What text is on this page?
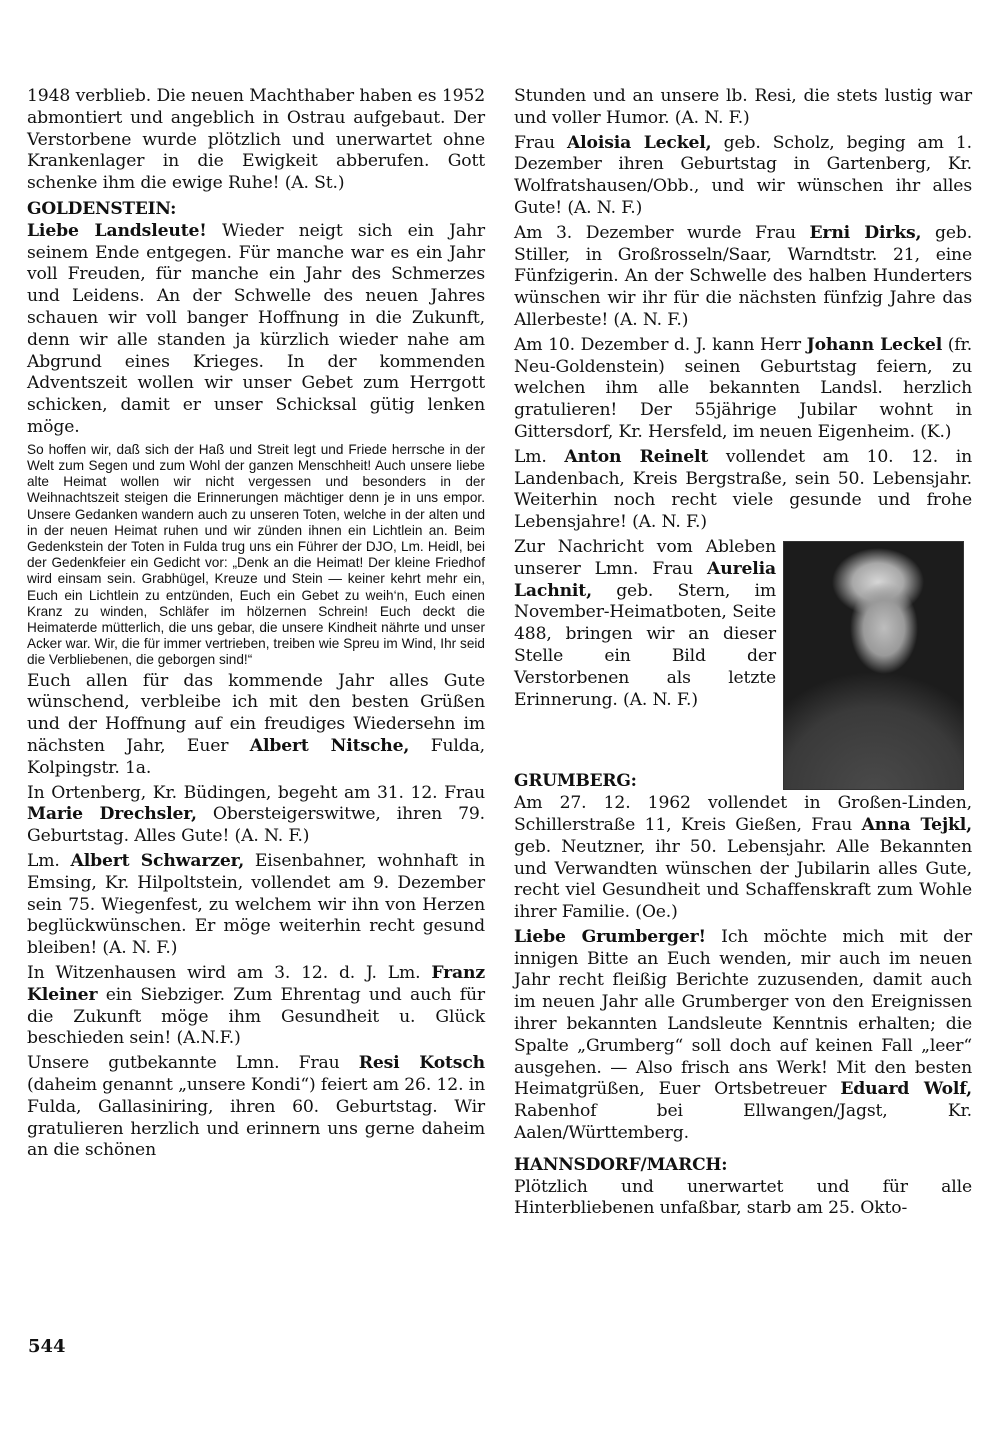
1948 verblieb. Die neuen Machthaber haben es 1952 abmontiert und angeblich in Ostrau aufgebaut. Der Verstorbene wurde plötzlich und unerwartet ohne Krankenlager in die Ewigkeit abberufen. Gott schenke ihm die ewige Ruhe! (A. St.)

GOLDENSTEIN:

Liebe Landsleute! Wieder neigt sich ein Jahr seinem Ende entgegen. Für manche war es ein Jahr voll Freuden, für manche ein Jahr des Schmerzes und Leidens. An der Schwelle des neuen Jahres schauen wir voll banger Hoffnung in die Zukunft, denn wir alle standen ja kürzlich wieder nahe am Abgrund eines Krieges. In der kommenden Adventszeit wollen wir unser Gebet zum Herrgott schicken, damit er unser Schicksal gütig lenken möge.

So hoffen wir, daß sich der Haß und Streit legt und Friede herrsche in der Welt zum Segen und zum Wohl der ganzen Menschheit! Auch unsere liebe alte Heimat wollen wir nicht vergessen und besonders in der Weihnachtszeit steigen die Erinnerungen mächtiger denn je in uns empor. Unsere Gedanken wandern auch zu unseren Toten, welche in der alten und in der neuen Heimat ruhen und wir zünden ihnen ein Lichtlein an. Beim Gedenkstein der Toten in Fulda trug uns ein Führer der DJO, Lm. Heidl, bei der Gedenkfeier ein Gedicht vor: „Denk an die Heimat! Der kleine Friedhof wird einsam sein. Grabhügel, Kreuze und Stein — keiner kehrt mehr ein, Euch ein Lichtlein zu entzünden, Euch ein Gebet zu weih‘n, Euch einen Kranz zu winden, Schläfer im hölzernen Schrein! Euch deckt die Heimaterde mütterlich, die uns gebar, die unsere Kindheit nährte und unser Acker war. Wir, die für immer vertrieben, treiben wie Spreu im Wind, Ihr seid die Verbliebenen, die geborgen sind!“

Euch allen für das kommende Jahr alles Gute wünschend, verbleibe ich mit den besten Grüßen und der Hoffnung auf ein freudiges Wiedersehn im nächsten Jahr, Euer Albert Nitsche, Fulda, Kolpingstr. 1a.

In Ortenberg, Kr. Büdingen, begeht am 31. 12. Frau Marie Drechsler, Obersteigerswitwe, ihren 79. Geburtstag. Alles Gute! (A. N. F.)

Lm. Albert Schwarzer, Eisenbahner, wohnhaft in Emsing, Kr. Hilpoltstein, vollendet am 9. Dezember sein 75. Wiegenfest, zu welchem wir ihn von Herzen beglückwünschen. Er möge weiterhin recht gesund bleiben! (A. N. F.)

In Witzenhausen wird am 3. 12. d. J. Lm. Franz Kleiner ein Siebziger. Zum Ehrentag und auch für die Zukunft möge ihm Gesundheit u. Glück beschieden sein! (A.N.F.)

Unsere gutbekannte Lmn. Frau Resi Kotsch (daheim genannt „unsere Kondi“) feiert am 26. 12. in Fulda, Gallasiniring, ihren 60. Geburtstag. Wir gratulieren herzlich und erinnern uns gerne daheim an die schönen

Stunden und an unsere lb. Resi, die stets lustig war und voller Humor. (A. N. F.)

Frau Aloisia Leckel, geb. Scholz, beging am 1. Dezember ihren Geburtstag in Gartenberg, Kr. Wolfratshausen/Obb., und wir wünschen ihr alles Gute! (A. N. F.)

Am 3. Dezember wurde Frau Erni Dirks, geb. Stiller, in Großrosseln/Saar, Warndtstr. 21, eine Fünfzigerin. An der Schwelle des halben Hunderters wünschen wir ihr für die nächsten fünfzig Jahre das Allerbeste! (A. N. F.)

Am 10. Dezember d. J. kann Herr Johann Leckel (fr. Neu-Goldenstein) seinen Geburtstag feiern, zu welchen ihm alle bekannten Landsl. herzlich gratulieren! Der 55jährige Jubilar wohnt in Gittersdorf, Kr. Hersfeld, im neuen Eigenheim. (K.)

Lm. Anton Reinelt vollendet am 10. 12. in Landenbach, Kreis Bergstraße, sein 50. Lebensjahr. Weiterhin noch recht viele gesunde und frohe Lebensjahre! (A. N. F.)

Zur Nachricht vom Ableben unserer Lmn. Frau Aurelia Lachnit, geb. Stern, im November-Heimatboten, Seite 488, bringen wir an dieser Stelle ein Bild der Verstorbenen als letzte Erinnerung. (A. N. F.)

GRUMBERG:

Am 27. 12. 1962 vollendet in Großen-Linden, Schillerstraße 11, Kreis Gießen, Frau Anna Tejkl, geb. Neutzner, ihr 50. Lebensjahr. Alle Bekannten und Verwandten wünschen der Jubilarin alles Gute, recht viel Gesundheit und Schaffenskraft zum Wohle ihrer Familie. (Oe.)

Liebe Grumberger! Ich möchte mich mit der innigen Bitte an Euch wenden, mir auch im neuen Jahr recht fleißig Berichte zuzusenden, damit auch im neuen Jahr alle Grumberger von den Ereignissen ihrer bekannten Landsleute Kenntnis erhalten; die Spalte „Grumberg“ soll doch auf keinen Fall „leer“ ausgehen. — Also frisch ans Werk! Mit den besten Heimatgrüßen, Euer Ortsbetreuer Eduard Wolf, Rabenhof bei Ellwangen/Jagst, Kr. Aalen/Württemberg.

HANNSDORF/MARCH:

Plötzlich und unerwartet und für alle Hinterbliebenen unfaßbar, starb am 25. Okto-

544
